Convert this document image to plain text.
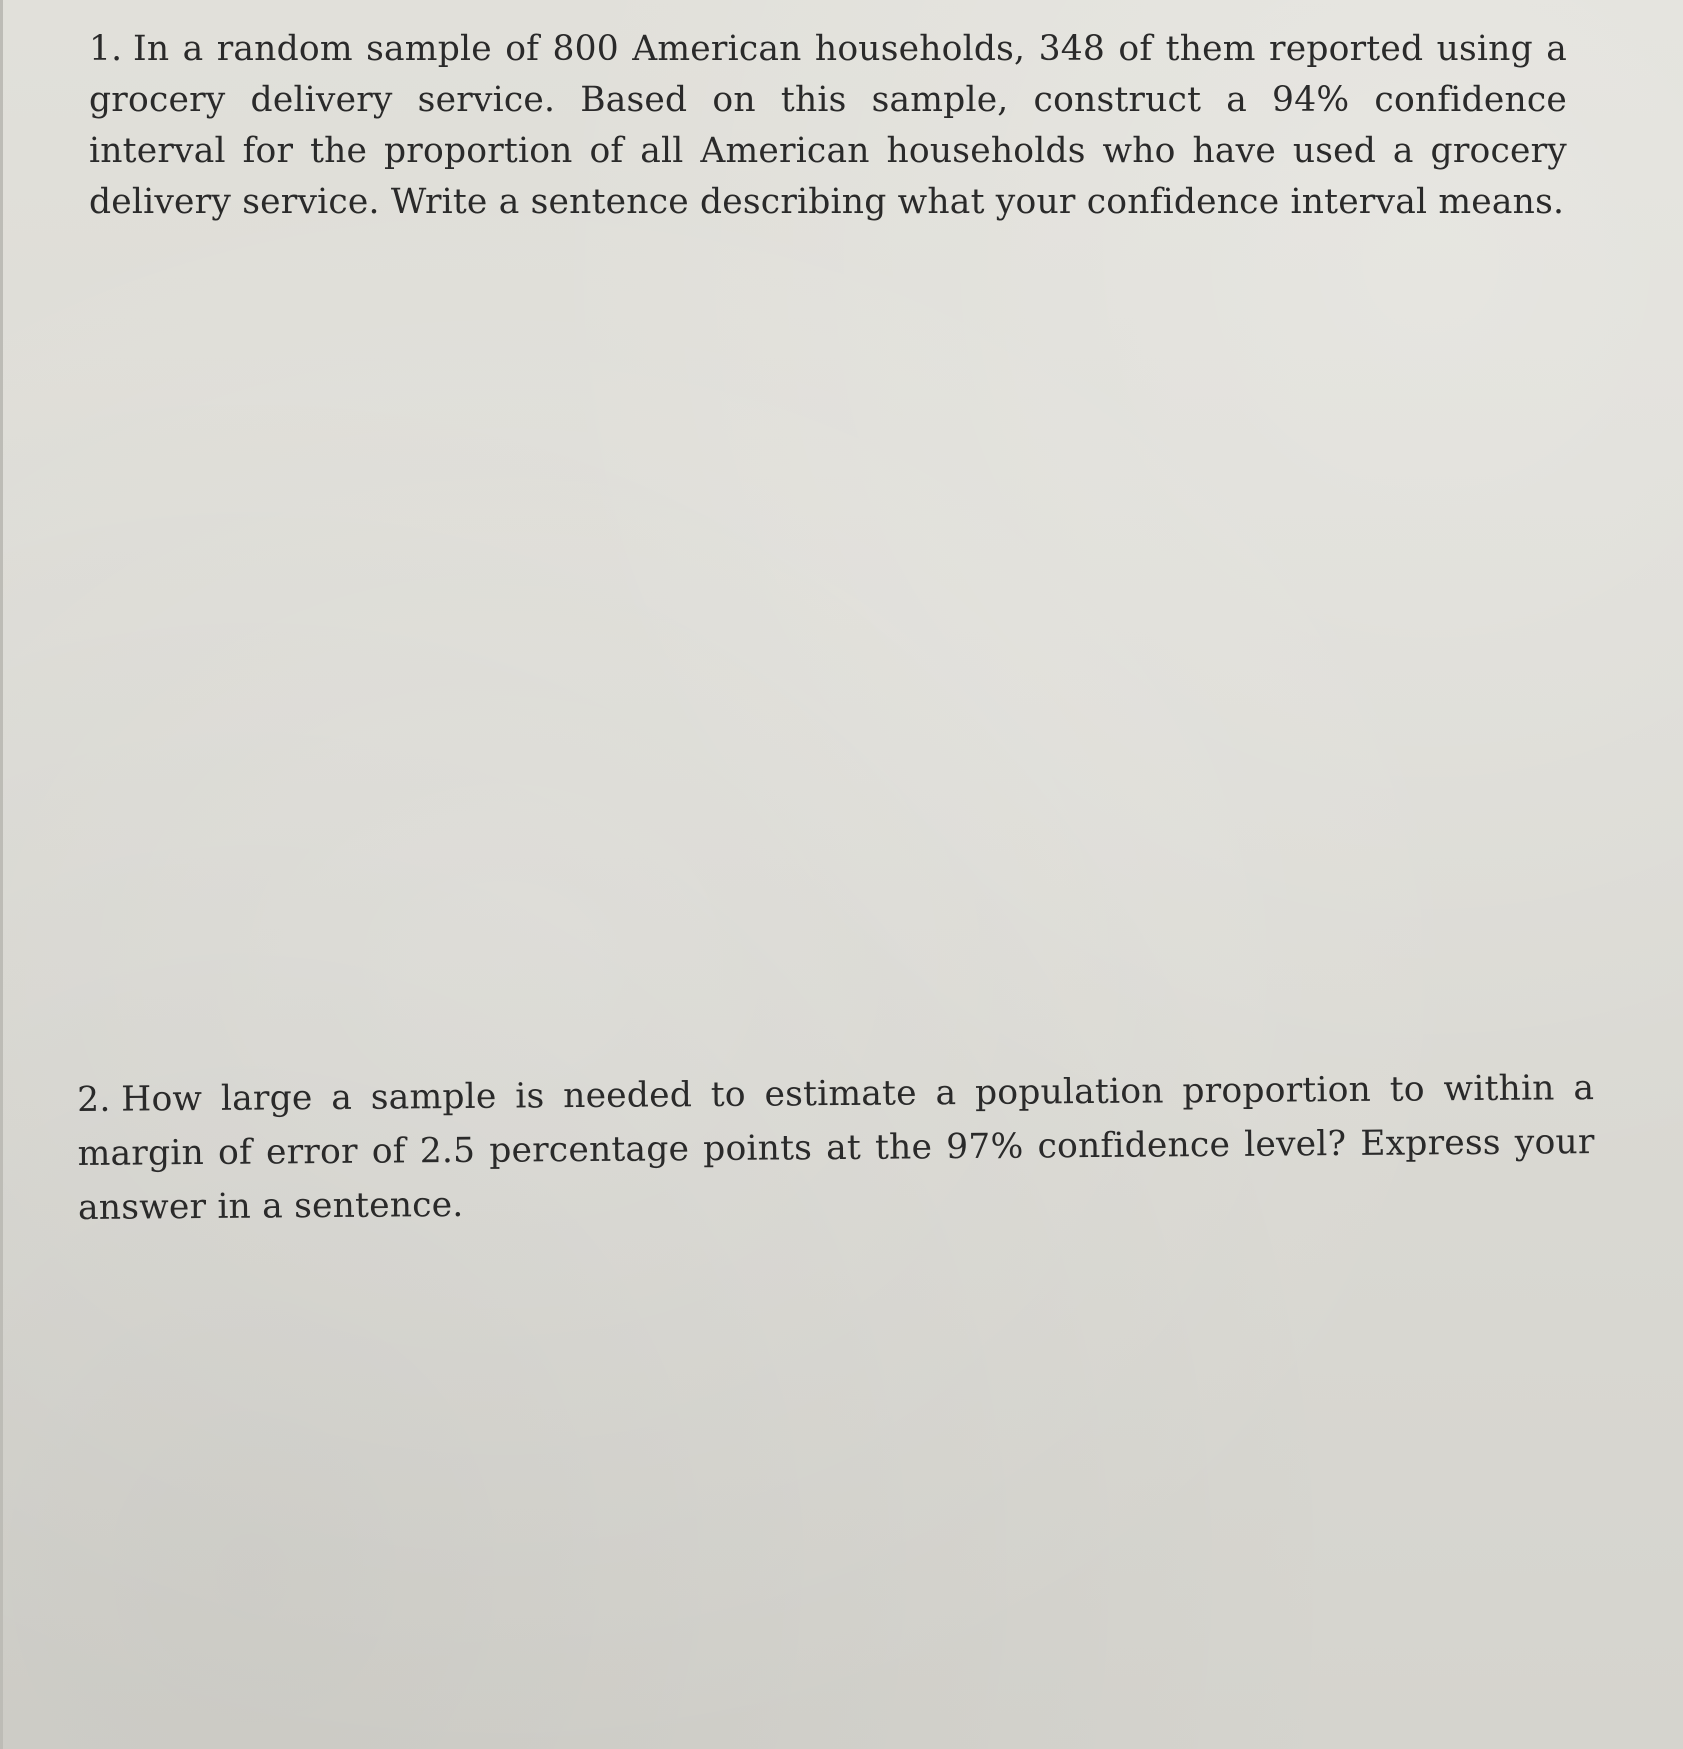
1. In a random sample of 800 American households, 348 of them reported using a grocery delivery service. Based on this sample, construct a 94% confidence interval for the proportion of all American households who have used a grocery delivery service. Write a sentence describing what your confidence interval means.
2. How large a sample is needed to estimate a population proportion to within a margin of error of 2.5 percentage points at the 97% confidence level? Express your answer in a sentence.
